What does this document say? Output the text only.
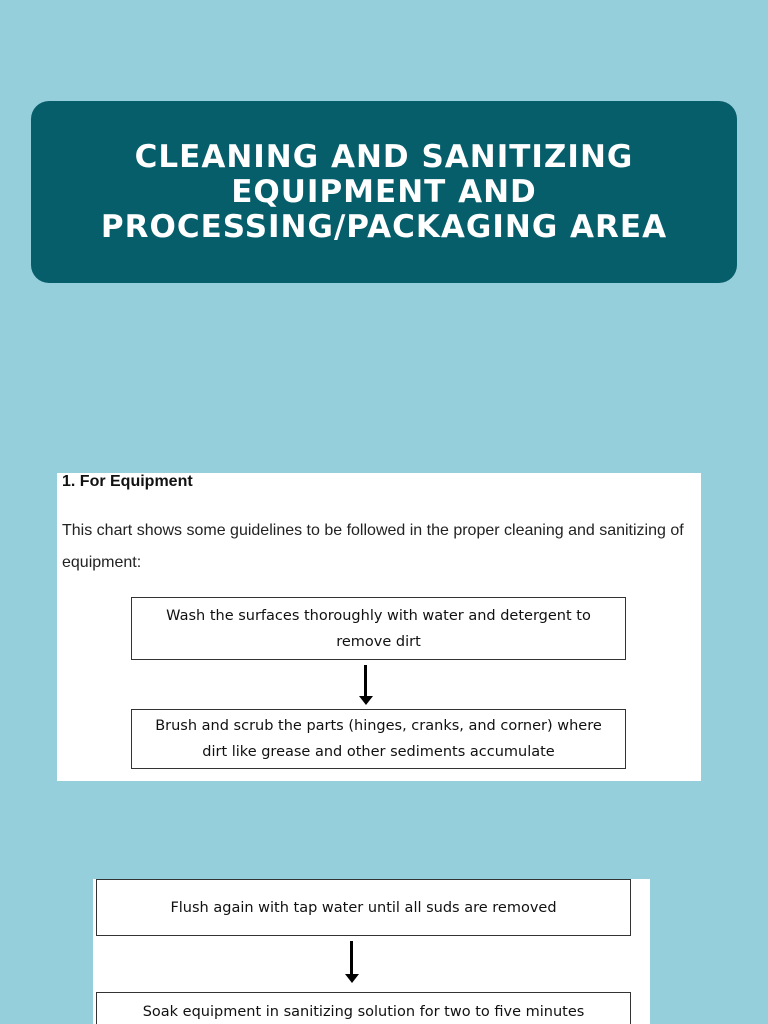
CLEANING AND SANITIZING EQUIPMENT AND PROCESSING/PACKAGING AREA

1. For Equipment

This chart shows some guidelines to be followed in the proper cleaning and sanitizing of equipment:

Wash the surfaces thoroughly with water and detergent to remove dirt
Brush and scrub the parts (hinges, cranks, and corner) where dirt like grease and other sediments accumulate
Flush again with tap water until all suds are removed
Soak equipment in sanitizing solution for two to five minutes
